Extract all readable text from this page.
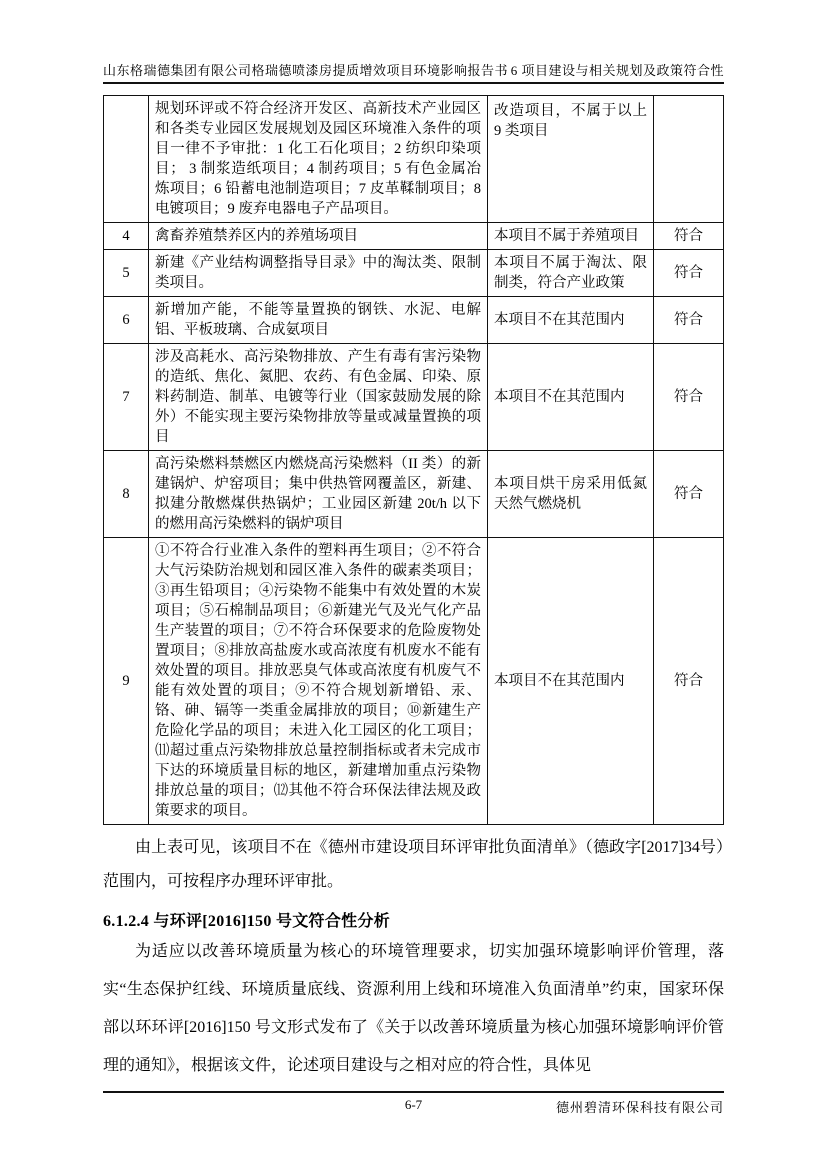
山东格瑞德集团有限公司格瑞德喷漆房提质增效项目环境影响报告书 6 项目建设与相关规划及政策符合性
	规划环评或不符合经济开发区、高新技术产业园区和各类专业园区发展规划及园区环境准入条件的项目一律不予审批：1 化工石化项目；2 纺织印染项目； 3 制浆造纸项目；4 制药项目；5 有色金属冶炼项目；6 铅蓄电池制造项目；7 皮革鞣制项目；8 电镀项目；9 废弃电器电子产品项目。	改造项目，不属于以上 9 类项目	
4	禽畜养殖禁养区内的养殖场项目	本项目不属于养殖项目	符合
5	新建《产业结构调整指导目录》中的淘汰类、限制类项目。	本项目不属于淘汰、限制类，符合产业政策	符合
6	新增加产能，不能等量置换的钢铁、水泥、电解铝、平板玻璃、合成氨项目	本项目不在其范围内	符合
7	涉及高耗水、高污染物排放、产生有毒有害污染物的造纸、焦化、氮肥、农药、有色金属、印染、原料药制造、制革、电镀等行业（国家鼓励发展的除外）不能实现主要污染物排放等量或减量置换的项目	本项目不在其范围内	符合
8	高污染燃料禁燃区内燃烧高污染燃料（II 类）的新建锅炉、炉窑项目；集中供热管网覆盖区，新建、拟建分散燃煤供热锅炉；工业园区新建 20t/h 以下的燃用高污染燃料的锅炉项目	本项目烘干房采用低氮天然气燃烧机	符合
9	①不符合行业准入条件的塑料再生项目；②不符合大气污染防治规划和园区准入条件的碳素类项目；③再生铅项目；④污染物不能集中有效处置的木炭项目；⑤石棉制品项目；⑥新建光气及光气化产品生产装置的项目；⑦不符合环保要求的危险废物处置项目；⑧排放高盐废水或高浓度有机废水不能有效处置的项目。排放恶臭气体或高浓度有机废气不能有效处置的项目；⑨不符合规划新增铅、汞、铬、砷、镉等一类重金属排放的项目；⑩新建生产危险化学品的项目；未进入化工园区的化工项目；⑾超过重点污染物排放总量控制指标或者未完成市下达的环境质量目标的地区，新建增加重点污染物排放总量的项目；⑿其他不符合环保法律法规及政策要求的项目。	本项目不在其范围内	符合

由上表可见，该项目不在《德州市建设项目环评审批负面清单》（德政字[2017]34号）范围内，可按程序办理环评审批。

6.1.2.4 与环评[2016]150 号文符合性分析

为适应以改善环境质量为核心的环境管理要求，切实加强环境影响评价管理，落实“生态保护红线、环境质量底线、资源利用上线和环境准入负面清单”约束，国家环保部以环环评[2016]150 号文形式发布了《关于以改善环境质量为核心加强环境影响评价管理的通知》，根据该文件，论述项目建设与之相对应的符合性，具体见

6-7	德州碧清环保科技有限公司
